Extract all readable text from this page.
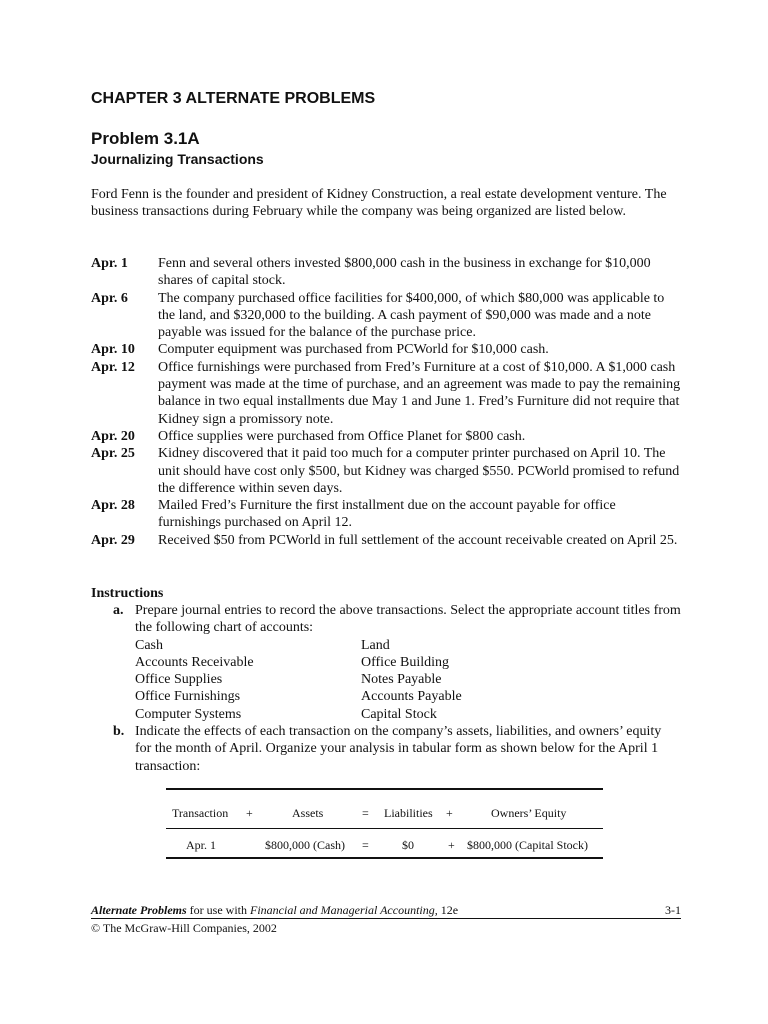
CHAPTER 3 ALTERNATE PROBLEMS
Problem 3.1A
Journalizing Transactions

Ford Fenn is the founder and president of Kidney Construction, a real estate development venture. The business transactions during February while the company was being organized are listed below.

Apr. 1	Fenn and several others invested $800,000 cash in the business in exchange for $10,000 shares of capital stock.
Apr. 6	The company purchased office facilities for $400,000, of which $80,000 was applicable to the land, and $320,000 to the building. A cash payment of $90,000 was made and a note payable was issued for the balance of the purchase price.
Apr. 10	Computer equipment was purchased from PCWorld for $10,000 cash.
Apr. 12	Office furnishings were purchased from Fred’s Furniture at a cost of $10,000. A $1,000 cash payment was made at the time of purchase, and an agreement was made to pay the remaining balance in two equal installments due May 1 and June 1. Fred’s Furniture did not require that Kidney sign a promissory note.
Apr. 20	Office supplies were purchased from Office Planet for $800 cash.
Apr. 25	Kidney discovered that it paid too much for a computer printer purchased on April 10. The unit should have cost only $500, but Kidney was charged $550. PCWorld promised to refund the difference within seven days.
Apr. 28	Mailed Fred’s Furniture the first installment due on the account payable for office furnishings purchased on April 12.
Apr. 29	Received $50 from PCWorld in full settlement of the account receivable created on April 25.

Instructions

a. Prepare journal entries to record the above transactions. Select the appropriate account titles from the following chart of accounts:
Cash	Land
Accounts Receivable	Office Building
Office Supplies	Notes Payable
Office Furnishings	Accounts Payable
Computer Systems	Capital Stock
b. Indicate the effects of each transaction on the company’s assets, liabilities, and owners’ equity for the month of April. Organize your analysis in tabular form as shown below for the April 1 transaction:
Transaction +	Assets	= Liabilities +	Owners’ Equity
Apr. 1	$800,000 (Cash) =	$0	+ $800,000 (Capital Stock)
Alternate Problems for use with Financial and Managerial Accounting, 12e	3-1
© The McGraw-Hill Companies, 2002
